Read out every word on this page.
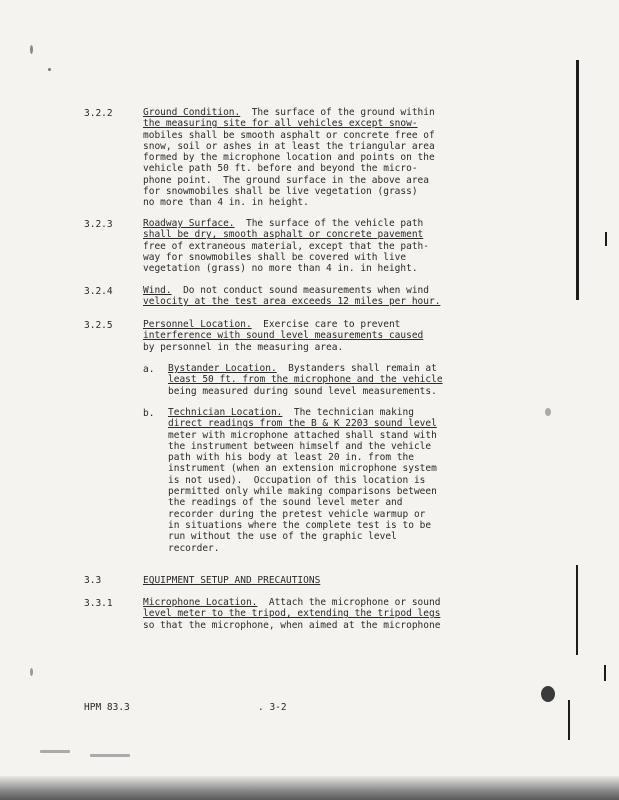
3.2.2	Ground Condition. The surface of the ground within
the measuring site for all vehicles except snow-
mobiles shall be smooth asphalt or concrete free of
snow, soil or ashes in at least the triangular area
formed by the microphone location and points on the
vehicle path 50 ft. before and beyond the micro-
phone point.  The ground surface in the above area
for snowmobiles shall be live vegetation (grass)
no more than 4 in. in height.
3.2.3	Roadway Surface. The surface of the vehicle path
shall be dry, smooth asphalt or concrete pavement
free of extraneous material, except that the path-
way for snowmobiles shall be covered with live
vegetation (grass) no more than 4 in. in height.
3.2.4	Wind. Do not conduct sound measurements when wind
velocity at the test area exceeds 12 miles per hour.
3.2.5	Personnel Location. Exercise care to prevent
interference with sound level measurements caused
by personnel in the measuring area.
a. Bystander Location. Bystanders shall remain at
least 50 ft. from the microphone and the vehicle
being measured during sound level measurements.
b. Technician Location. The technician making
direct readings from the B & K 2203 sound level
meter with microphone attached shall stand with
the instrument between himself and the vehicle
path with his body at least 20 in. from the
instrument (when an extension microphone system
is not used).  Occupation of this location is
permitted only while making comparisons between
the readings of the sound level meter and
recorder during the pretest vehicle warmup or
in situations where the complete test is to be
run without the use of the graphic level
recorder.
3.3	EQUIPMENT SETUP AND PRECAUTIONS
3.3.1	Microphone Location. Attach the microphone or sound
level meter to the tripod, extending the tripod legs
so that the microphone, when aimed at the microphone
HPM 83.3	. 3-2
